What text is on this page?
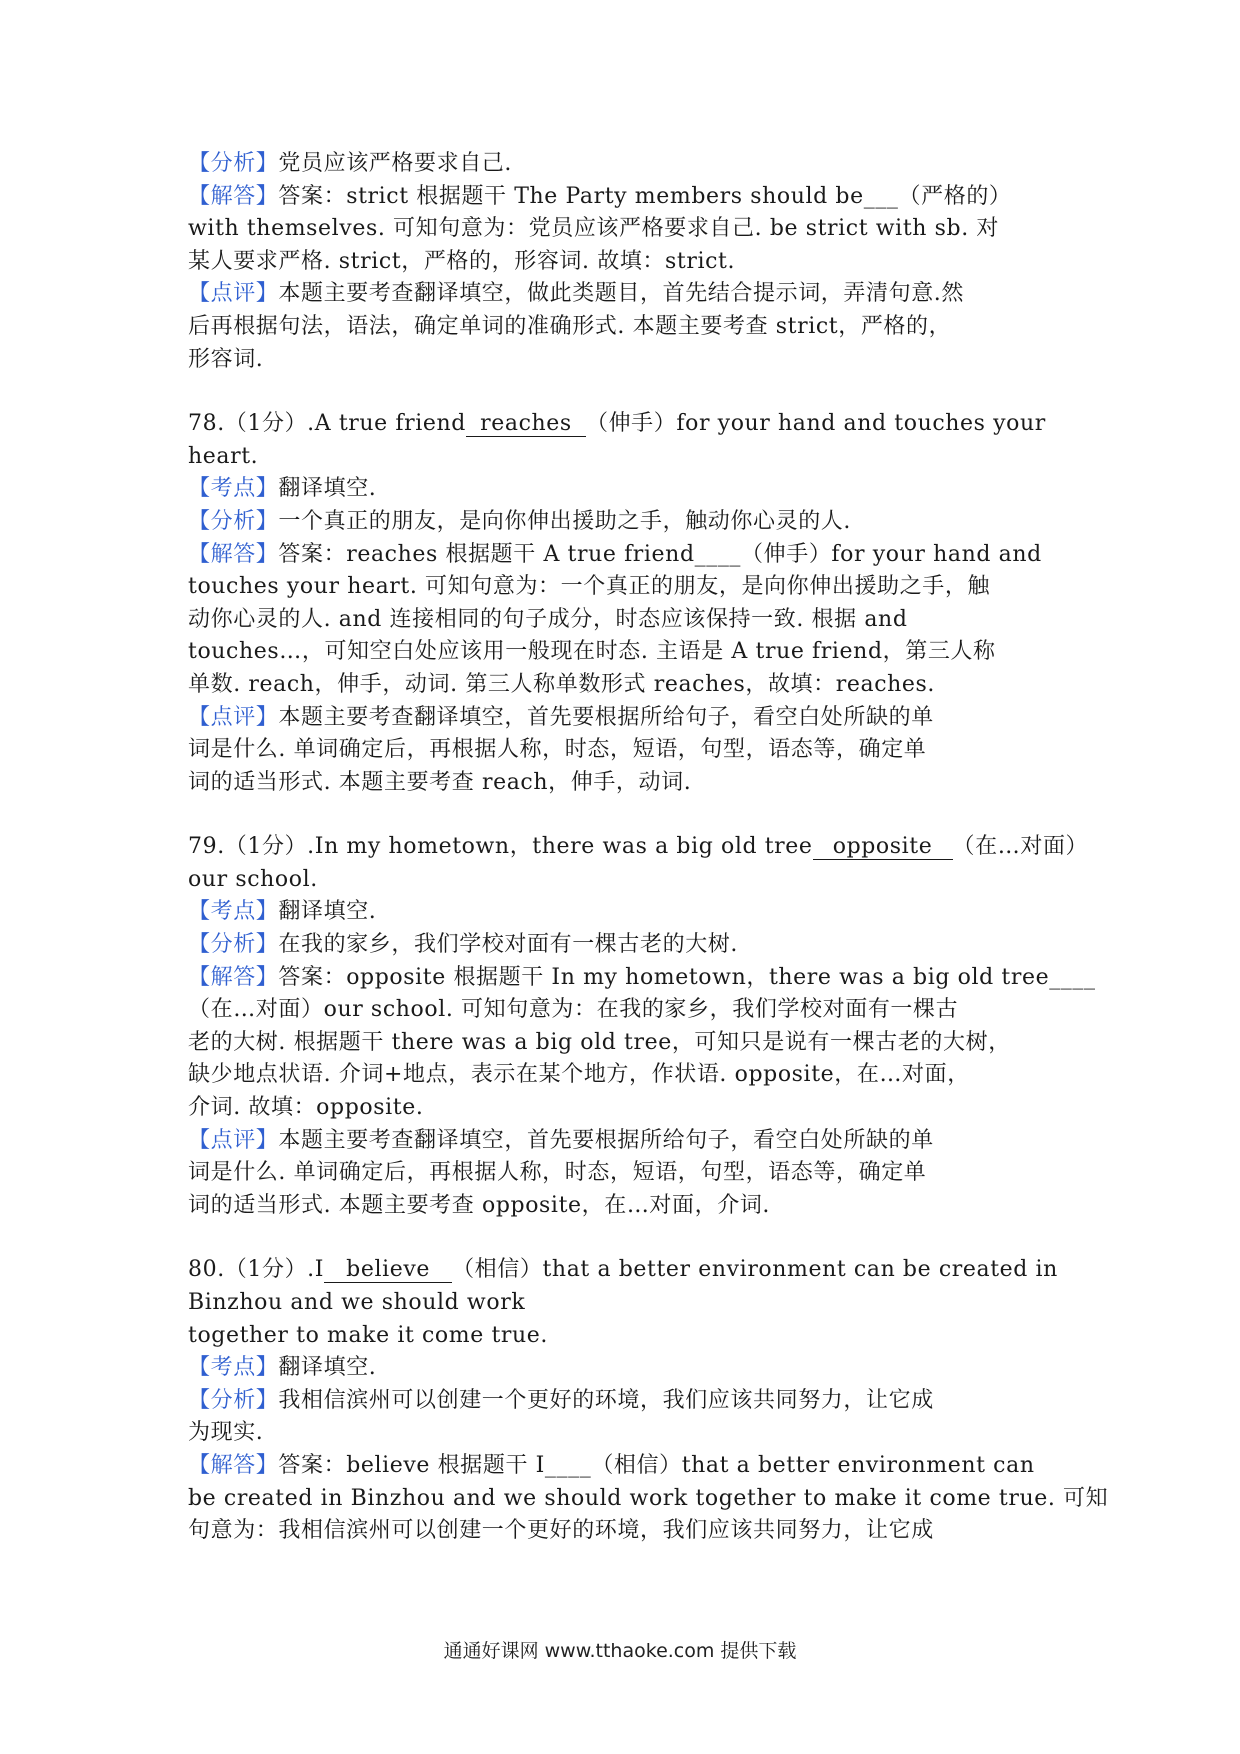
【分析】党员应该严格要求自己.
【解答】答案：strict 根据题干 The Party members should be___（严格的）
with themselves. 可知句意为：党员应该严格要求自己. be strict with sb. 对
某人要求严格. strict，严格的，形容词. 故填：strict.
【点评】本题主要考查翻译填空，做此类题目，首先结合提示词，弄清句意.然
后再根据句法，语法，确定单词的准确形式. 本题主要考查 strict，严格的，
形容词.
78.（1分）.A true friend reaches （伸手）for your hand and touches your
heart.
【考点】翻译填空.
【分析】一个真正的朋友，是向你伸出援助之手，触动你心灵的人.
【解答】答案：reaches 根据题干 A true friend____（伸手）for your hand and
touches your heart. 可知句意为：一个真正的朋友，是向你伸出援助之手，触
动你心灵的人. and 连接相同的句子成分，时态应该保持一致. 根据 and
touches…，可知空白处应该用一般现在时态. 主语是 A true friend，第三人称
单数. reach，伸手，动词. 第三人称单数形式 reaches，故填：reaches.
【点评】本题主要考查翻译填空，首先要根据所给句子，看空白处所缺的单
词是什么. 单词确定后，再根据人称，时态，短语，句型，语态等，确定单
词的适当形式. 本题主要考查 reach，伸手，动词.
79.（1分）.In my hometown，there was a big old tree opposite （在…对面）
our school.
【考点】翻译填空.
【分析】在我的家乡，我们学校对面有一棵古老的大树.
【解答】答案：opposite 根据题干 In my hometown，there was a big old tree____
（在…对面）our school. 可知句意为：在我的家乡，我们学校对面有一棵古
老的大树. 根据题干 there was a big old tree，可知只是说有一棵古老的大树，
缺少地点状语. 介词+地点，表示在某个地方，作状语. opposite，在…对面，
介词. 故填：opposite.
【点评】本题主要考查翻译填空，首先要根据所给句子，看空白处所缺的单
词是什么. 单词确定后，再根据人称，时态，短语，句型，语态等，确定单
词的适当形式. 本题主要考查 opposite，在…对面，介词.
80.（1分）.I believe （相信）that a better environment can be created in
Binzhou and we should work
together to make it come true.
【考点】翻译填空.
【分析】我相信滨州可以创建一个更好的环境，我们应该共同努力，让它成
为现实.
【解答】答案：believe 根据题干 I____（相信）that a better environment can
be created in Binzhou and we should work together to make it come true. 可知
句意为：我相信滨州可以创建一个更好的环境，我们应该共同努力，让它成
通通好课网 www.tthaoke.com 提供下载
